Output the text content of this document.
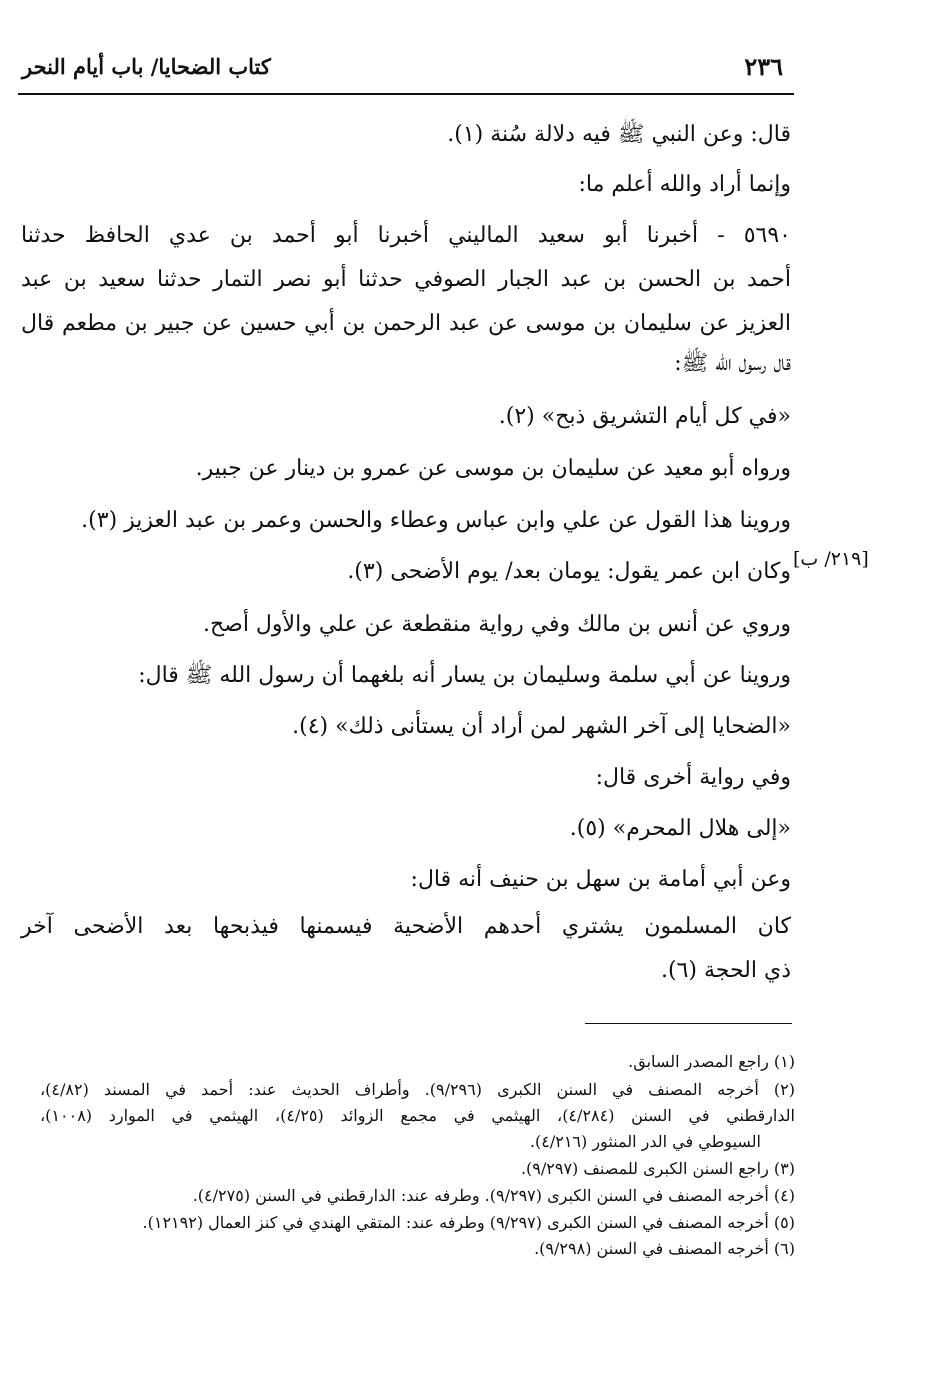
٢٣٦
كتاب الضحايا/ باب أيام النحر
قال: وعن النبي ﷺ فيه دلالة سُنة (١).
وإنما أراد والله أعلم ما:
٥٦٩٠ - أخبرنا أبو سعيد الماليني أخبرنا أبو أحمد بن عدي الحافظ حدثنا
أحمد بن الحسن بن عبد الجبار الصوفي حدثنا أبو نصر التمار حدثنا سعيد بن عبد
العزيز عن سليمان بن موسى عن عبد الرحمن بن أبي حسين عن جبير بن مطعم قال
قال رسول الله ﷺ:
«في كل أيام التشريق ذبح» (٢).
ورواه أبو معيد عن سليمان بن موسى عن عمرو بن دينار عن جبير.
وروينا هذا القول عن علي وابن عباس وعطاء والحسن وعمر بن عبد العزيز (٣).
وكان ابن عمر يقول: يومان بعد/ يوم الأضحى (٣).
وروي عن أنس بن مالك وفي رواية منقطعة عن علي والأول أصح.
وروينا عن أبي سلمة وسليمان بن يسار أنه بلغهما أن رسول الله ﷺ قال:
«الضحايا إلى آخر الشهر لمن أراد أن يستأنى ذلك» (٤).
وفي رواية أخرى قال:
«إلى هلال المحرم» (٥).
وعن أبي أمامة بن سهل بن حنيف أنه قال:
كان المسلمون يشتري أحدهم الأضحية فيسمنها فيذبحها بعد الأضحى آخر
ذي الحجة (٦).
[٢١٩/ ب]
(١) راجع المصدر السابق.
(٢) أخرجه المصنف في السنن الكبرى (٩/٢٩٦). وأطراف الحديث عند: أحمد في المسند (٤/٨٢)،
الدارقطني في السنن (٤/٢٨٤)، الهيثمي في مجمع الزوائد (٤/٢٥)، الهيثمي في الموارد (١٠٠٨)،
السيوطي في الدر المنثور (٤/٢١٦).
(٣) راجع السنن الكبرى للمصنف (٩/٢٩٧).
(٤) أخرجه المصنف في السنن الكبرى (٩/٢٩٧). وطرفه عند: الدارقطني في السنن (٤/٢٧٥).
(٥) أخرجه المصنف في السنن الكبرى (٩/٢٩٧) وطرفه عند: المتقي الهندي في كنز العمال (١٢١٩٢).
(٦) أخرجه المصنف في السنن (٩/٢٩٨).
